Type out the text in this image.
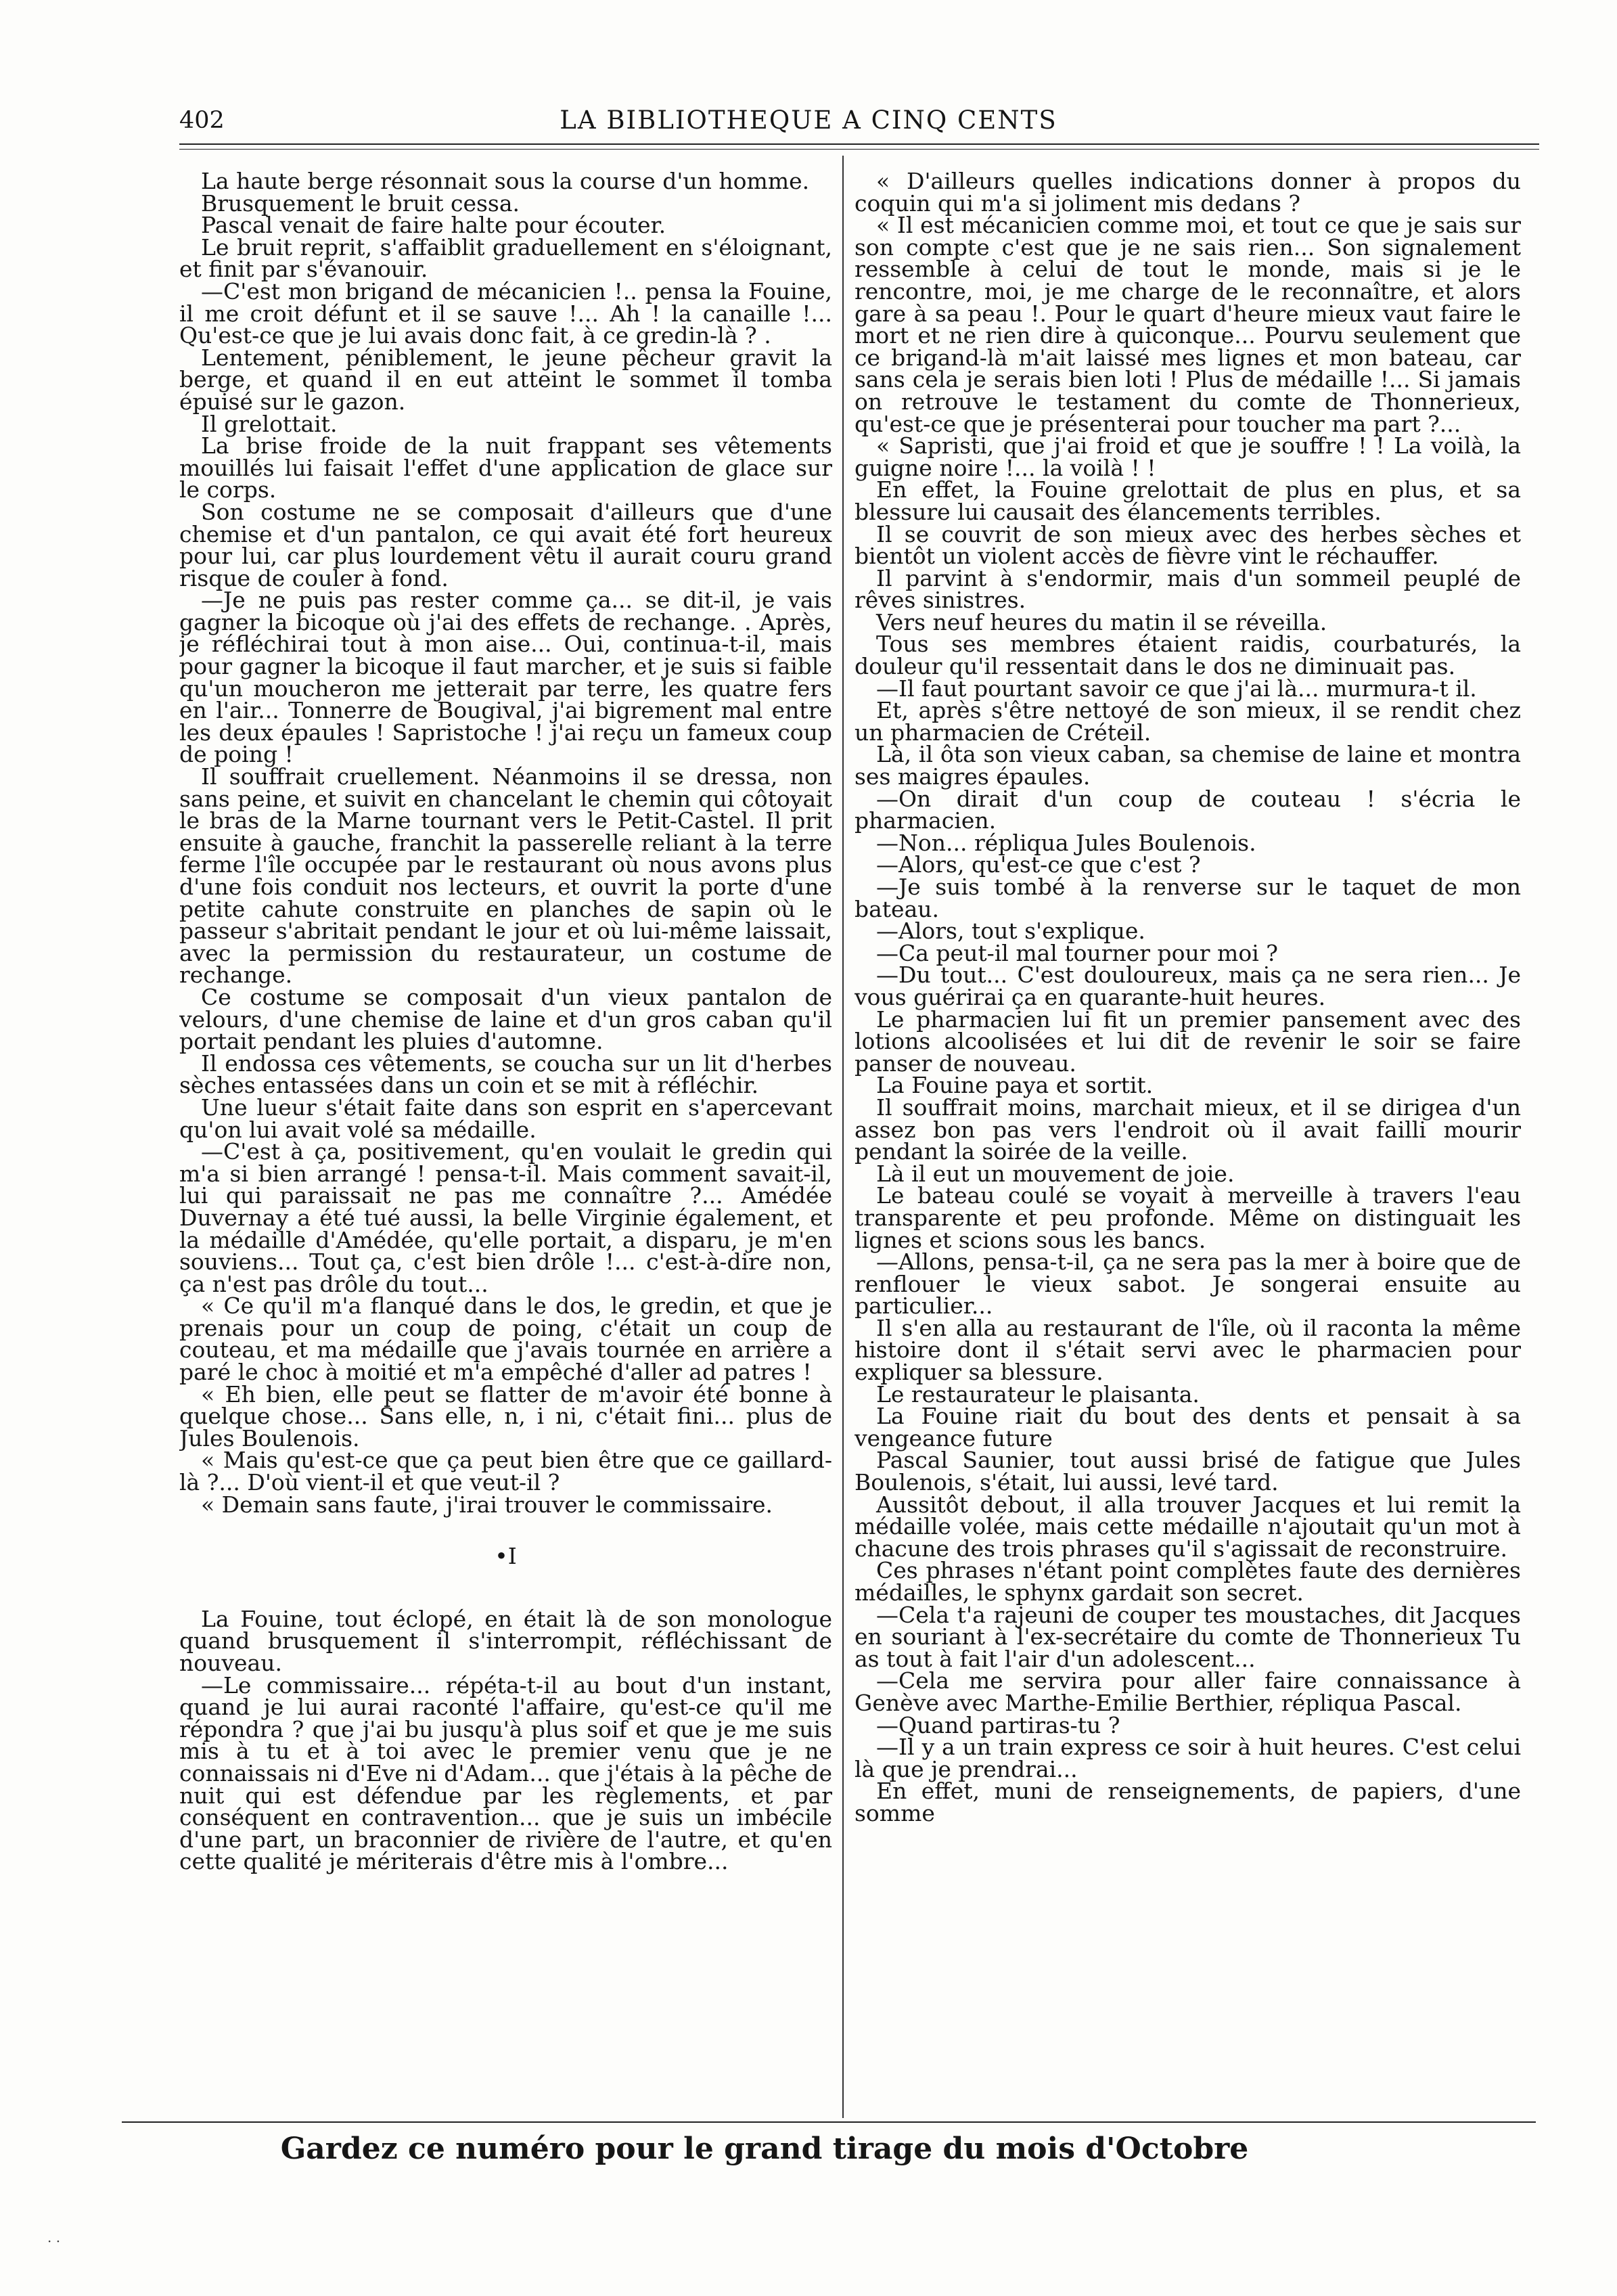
402	LA BIBLIOTHEQUE A CINQ CENTS

La haute berge résonnait sous la course d'un homme.

Brusquement le bruit cessa.

Pascal venait de faire halte pour écouter.

Le bruit reprit, s'affaiblit graduellement en s'éloignant, et finit par s'évanouir.

—C'est mon brigand de mécanicien !.. pensa la Fouine, il me croit défunt et il se sauve !... Ah ! la canaille !... Qu'est-ce que je lui avais donc fait, à ce gredin-là ? .

Lentement, péniblement, le jeune pêcheur gravit la berge, et quand il en eut atteint le sommet il tomba épuisé sur le gazon.

Il grelottait.

La brise froide de la nuit frappant ses vêtements mouillés lui faisait l'effet d'une application de glace sur le corps.

Son costume ne se composait d'ailleurs que d'une chemise et d'un pantalon, ce qui avait été fort heureux pour lui, car plus lourdement vêtu il aurait couru grand risque de couler à fond.

—Je ne puis pas rester comme ça... se dit-il, je vais gagner la bicoque où j'ai des effets de rechange. . Après, je réfléchirai tout à mon aise... Oui, continua-t-il, mais pour gagner la bicoque il faut marcher, et je suis si faible qu'un moucheron me jetterait par terre, les quatre fers en l'air... Tonnerre de Bougival, j'ai bigrement mal entre les deux épaules ! Sapristoche ! j'ai reçu un fameux coup de poing !

Il souffrait cruellement. Néanmoins il se dressa, non sans peine, et suivit en chancelant le chemin qui côtoyait le bras de la Marne tournant vers le Petit-Castel. Il prit ensuite à gauche, franchit la passerelle reliant à la terre ferme l'île occupée par le restaurant où nous avons plus d'une fois conduit nos lecteurs, et ouvrit la porte d'une petite cahute construite en planches de sapin où le passeur s'abritait pendant le jour et où lui-même laissait, avec la permission du restaurateur, un costume de rechange.

Ce costume se composait d'un vieux pantalon de velours, d'une chemise de laine et d'un gros caban qu'il portait pendant les pluies d'automne.

Il endossa ces vêtements, se coucha sur un lit d'herbes sèches entassées dans un coin et se mit à réfléchir.

Une lueur s'était faite dans son esprit en s'apercevant qu'on lui avait volé sa médaille.

—C'est à ça, positivement, qu'en voulait le gredin qui m'a si bien arrangé ! pensa-t-il. Mais comment savait-il, lui qui paraissait ne pas me connaître ?... Amédée Duvernay a été tué aussi, la belle Virginie également, et la médaille d'Amédée, qu'elle portait, a disparu, je m'en souviens... Tout ça, c'est bien drôle !... c'est-à-dire non, ça n'est pas drôle du tout...

« Ce qu'il m'a flanqué dans le dos, le gredin, et que je prenais pour un coup de poing, c'était un coup de couteau, et ma médaille que j'avais tournée en arrière a paré le choc à moitié et m'a empêché d'aller ad patres !

« Eh bien, elle peut se flatter de m'avoir été bonne à quelque chose... Sans elle, n, i ni, c'était fini... plus de Jules Boulenois.

« Mais qu'est-ce que ça peut bien être que ce gaillard-là ?... D'où vient-il et que veut-il ?

« Demain sans faute, j'irai trouver le commissaire.

•I

La Fouine, tout éclopé, en était là de son monologue quand brusquement il s'interrompit, réfléchissant de nouveau.

—Le commissaire... répéta-t-il au bout d'un instant, quand je lui aurai raconté l'affaire, qu'est-ce qu'il me répondra ? que j'ai bu jusqu'à plus soif et que je me suis mis à tu et à toi avec le premier venu que je ne connaissais ni d'Eve ni d'Adam... que j'étais à la pêche de nuit qui est défendue par les règlements, et par conséquent en contravention... que je suis un imbécile d'une part, un braconnier de rivière de l'autre, et qu'en cette qualité je mériterais d'être mis à l'ombre...

« D'ailleurs quelles indications donner à propos du coquin qui m'a si joliment mis dedans ?

« Il est mécanicien comme moi, et tout ce que je sais sur son compte c'est que je ne sais rien... Son signalement ressemble à celui de tout le monde, mais si je le rencontre, moi, je me charge de le reconnaître, et alors gare à sa peau !. Pour le quart d'heure mieux vaut faire le mort et ne rien dire à quiconque... Pourvu seulement que ce brigand-là m'ait laissé mes lignes et mon bateau, car sans cela je serais bien loti ! Plus de médaille !... Si jamais on retrouve le testament du comte de Thonnerieux, qu'est-ce que je présenterai pour toucher ma part ?...

« Sapristi, que j'ai froid et que je souffre ! ! La voilà, la guigne noire !... la voilà ! !

En effet, la Fouine grelottait de plus en plus, et sa blessure lui causait des élancements terribles.

Il se couvrit de son mieux avec des herbes sèches et bientôt un violent accès de fièvre vint le réchauffer.

Il parvint à s'endormir, mais d'un sommeil peuplé de rêves sinistres.

Vers neuf heures du matin il se réveilla.

Tous ses membres étaient raidis, courbaturés, la douleur qu'il ressentait dans le dos ne diminuait pas.

—Il faut pourtant savoir ce que j'ai là... murmura-t il.

Et, après s'être nettoyé de son mieux, il se rendit chez un pharmacien de Créteil.

Là, il ôta son vieux caban, sa chemise de laine et montra ses maigres épaules.

—On dirait d'un coup de couteau ! s'écria le pharmacien.

—Non... répliqua Jules Boulenois.

—Alors, qu'est-ce que c'est ?

—Je suis tombé à la renverse sur le taquet de mon bateau.

—Alors, tout s'explique.

—Ca peut-il mal tourner pour moi ?

—Du tout... C'est douloureux, mais ça ne sera rien... Je vous guérirai ça en quarante-huit heures.

Le pharmacien lui fit un premier pansement avec des lotions alcoolisées et lui dit de revenir le soir se faire panser de nouveau.

La Fouine paya et sortit.

Il souffrait moins, marchait mieux, et il se dirigea d'un assez bon pas vers l'endroit où il avait failli mourir pendant la soirée de la veille.

Là il eut un mouvement de joie.

Le bateau coulé se voyait à merveille à travers l'eau transparente et peu profonde. Même on distinguait les lignes et scions sous les bancs.

—Allons, pensa-t-il, ça ne sera pas la mer à boire que de renflouer le vieux sabot. Je songerai ensuite au particulier...

Il s'en alla au restaurant de l'île, où il raconta la même histoire dont il s'était servi avec le pharmacien pour expliquer sa blessure.

Le restaurateur le plaisanta.

La Fouine riait du bout des dents et pensait à sa vengeance future

Pascal Saunier, tout aussi brisé de fatigue que Jules Boulenois, s'était, lui aussi, levé tard.

Aussitôt debout, il alla trouver Jacques et lui remit la médaille volée, mais cette médaille n'ajoutait qu'un mot à chacune des trois phrases qu'il s'agissait de reconstruire.

Ces phrases n'étant point complètes faute des dernières médailles, le sphynx gardait son secret.

—Cela t'a rajeuni de couper tes moustaches, dit Jacques en souriant à l'ex-secrétaire du comte de Thonnerieux Tu as tout à fait l'air d'un adolescent...

—Cela me servira pour aller faire connaissance à Genève avec Marthe-Emilie Berthier, répliqua Pascal.

—Quand partiras-tu ?

—Il y a un train express ce soir à huit heures. C'est celui là que je prendrai...

En effet, muni de renseignements, de papiers, d'une somme

Gardez ce numéro pour le grand tirage du mois d'Octobre
· ·
